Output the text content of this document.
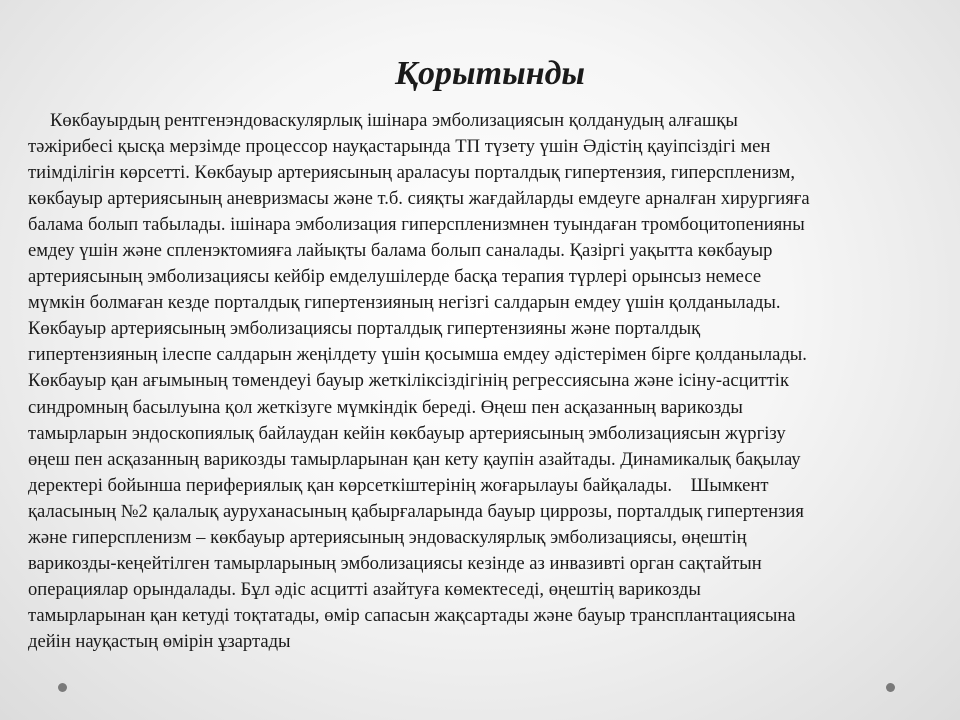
Қорытынды
Көкбауырдың рентгенэндоваскулярлық ішінара эмболизациясын қолданудың алғашқы
тәжірибесі қысқа мерзімде процессор науқастарында ТП түзету үшін Әдістің қауіпсіздігі мен
тиімділігін көрсетті. Көкбауыр артериясының араласуы порталдық гипертензия, гиперспленизм,
көкбауыр артериясының аневризмасы және т.б. сияқты жағдайларды емдеуге арналған хирургияға
балама болып табылады. ішінара эмболизация гиперспленизмнен туындаған тромбоцитопенияны
емдеу үшін және спленэктомияға лайықты балама болып саналады. Қазіргі уақытта көкбауыр
артериясының эмболизациясы кейбір емделушілерде басқа терапия түрлері орынсыз немесе
мүмкін болмаған кезде порталдық гипертензияның негізгі салдарын емдеу үшін қолданылады.
Көкбауыр артериясының эмболизациясы порталдық гипертензияны және порталдық
гипертензияның ілеспе салдарын жеңілдету үшін қосымша емдеу әдістерімен бірге қолданылады.
Көкбауыр қан ағымының төмендеуі бауыр жеткіліксіздігінің регрессиясына және ісіну-асциттік
синдромның басылуына қол жеткізуге мүмкіндік береді. Өңеш пен асқазанның варикозды
тамырларын эндоскопиялық байлаудан кейін көкбауыр артериясының эмболизациясын жүргізу
өңеш пен асқазанның варикозды тамырларынан қан кету қаупін азайтады. Динамикалық бақылау
деректері бойынша перифериялық қан көрсеткіштерінің жоғарылауы байқалады.    Шымкент
қаласының №2 қалалық ауруханасының қабырғаларында бауыр циррозы, порталдық гипертензия
және гиперспленизм – көкбауыр артериясының эндоваскулярлық эмболизациясы, өңештің
варикозды-кеңейтілген тамырларының эмболизациясы кезінде аз инвазивті орган сақтайтын
операциялар орындалады. Бұл әдіс асцитті азайтуға көмектеседі, өңештің варикозды
тамырларынан қан кетуді тоқтатады, өмір сапасын жақсартады және бауыр трансплантациясына
дейін науқастың өмірін ұзартады
